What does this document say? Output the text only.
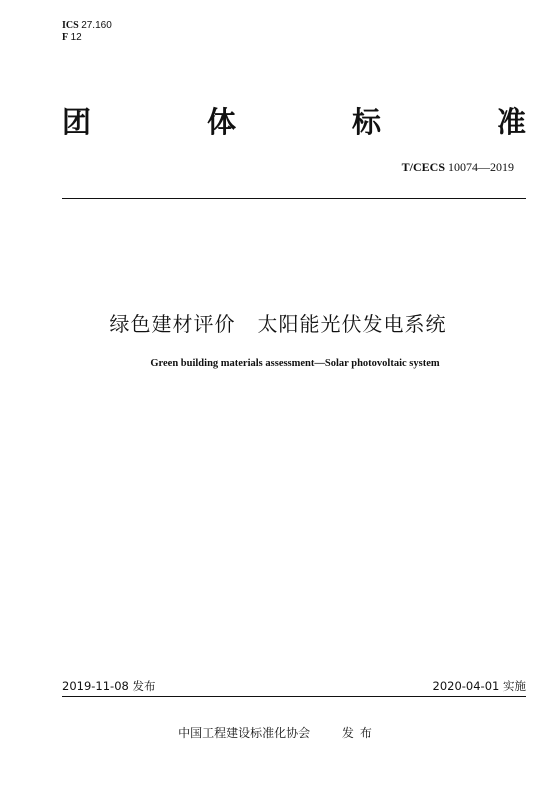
ICS 27.160
F 12
团	体	标	准
T/CECS 10074—2019
绿色建材评价   太阳能光伏发电系统
Green building materials assessment—Solar photovoltaic system
2019-11-08 发布	2020-04-01 实施
中国工程建设标准化协会	发布
